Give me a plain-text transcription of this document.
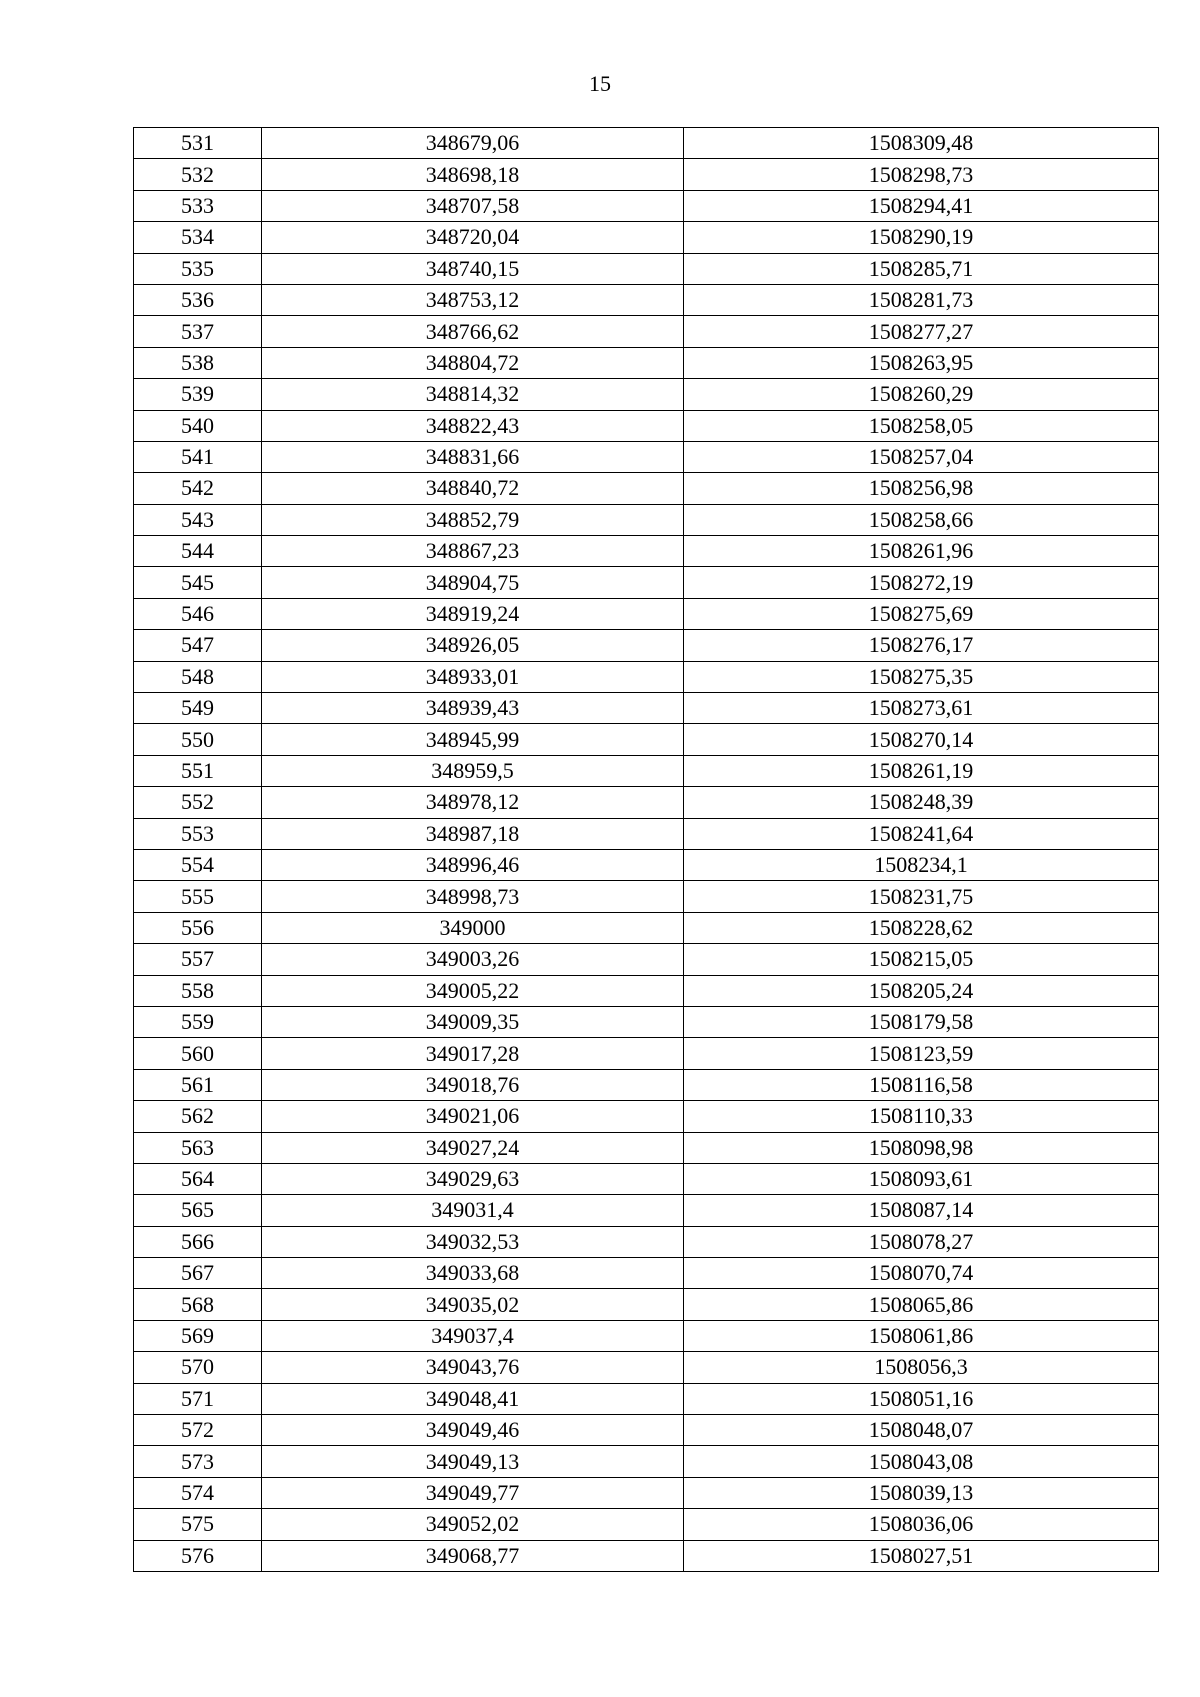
15
531	348679,06	1508309,48
532	348698,18	1508298,73
533	348707,58	1508294,41
534	348720,04	1508290,19
535	348740,15	1508285,71
536	348753,12	1508281,73
537	348766,62	1508277,27
538	348804,72	1508263,95
539	348814,32	1508260,29
540	348822,43	1508258,05
541	348831,66	1508257,04
542	348840,72	1508256,98
543	348852,79	1508258,66
544	348867,23	1508261,96
545	348904,75	1508272,19
546	348919,24	1508275,69
547	348926,05	1508276,17
548	348933,01	1508275,35
549	348939,43	1508273,61
550	348945,99	1508270,14
551	348959,5	1508261,19
552	348978,12	1508248,39
553	348987,18	1508241,64
554	348996,46	1508234,1
555	348998,73	1508231,75
556	349000	1508228,62
557	349003,26	1508215,05
558	349005,22	1508205,24
559	349009,35	1508179,58
560	349017,28	1508123,59
561	349018,76	1508116,58
562	349021,06	1508110,33
563	349027,24	1508098,98
564	349029,63	1508093,61
565	349031,4	1508087,14
566	349032,53	1508078,27
567	349033,68	1508070,74
568	349035,02	1508065,86
569	349037,4	1508061,86
570	349043,76	1508056,3
571	349048,41	1508051,16
572	349049,46	1508048,07
573	349049,13	1508043,08
574	349049,77	1508039,13
575	349052,02	1508036,06
576	349068,77	1508027,51
